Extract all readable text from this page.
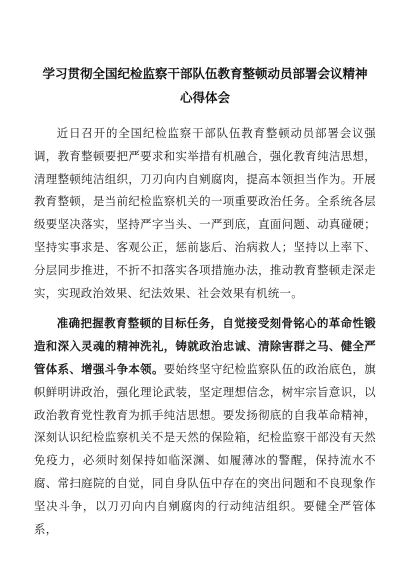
学习贯彻全国纪检监察干部队伍教育整顿动员部署会议精神
心得体会

近日召开的全国纪检监察干部队伍教育整顿动员部署会议强调，教育整顿要把严要求和实举措有机融合，强化教育纯洁思想，清理整顿纯洁组织，刀刃向内自剜腐肉，提高本领担当作为。开展教育整顿，是当前纪检监察机关的一项重要政治任务。全系统各层级要坚决落实，坚持严字当头、一严到底，直面问题、动真碰硬；坚持实事求是、客观公正，惩前毖后、治病救人；坚持以上率下、分层同步推进，不折不扣落实各项措施办法，推动教育整顿走深走实，实现政治效果、纪法效果、社会效果有机统一。

准确把握教育整顿的目标任务，自觉接受刻骨铭心的革命性锻造和深入灵魂的精神洗礼，铸就政治忠诚、清除害群之马、健全严管体系、增强斗争本领。要始终坚守纪检监察队伍的政治底色，旗帜鲜明讲政治，强化理论武装，坚定理想信念，树牢宗旨意识，以政治教育党性教育为抓手纯洁思想。要发扬彻底的自我革命精神，深刻认识纪检监察机关不是天然的保险箱，纪检监察干部没有天然免疫力，必须时刻保持如临深渊、如履薄冰的警醒，保持流水不腐、常扫庭院的自觉，同自身队伍中存在的突出问题和不良现象作坚决斗争，以刀刃向内自剜腐肉的行动纯洁组织。要健全严管体系，
